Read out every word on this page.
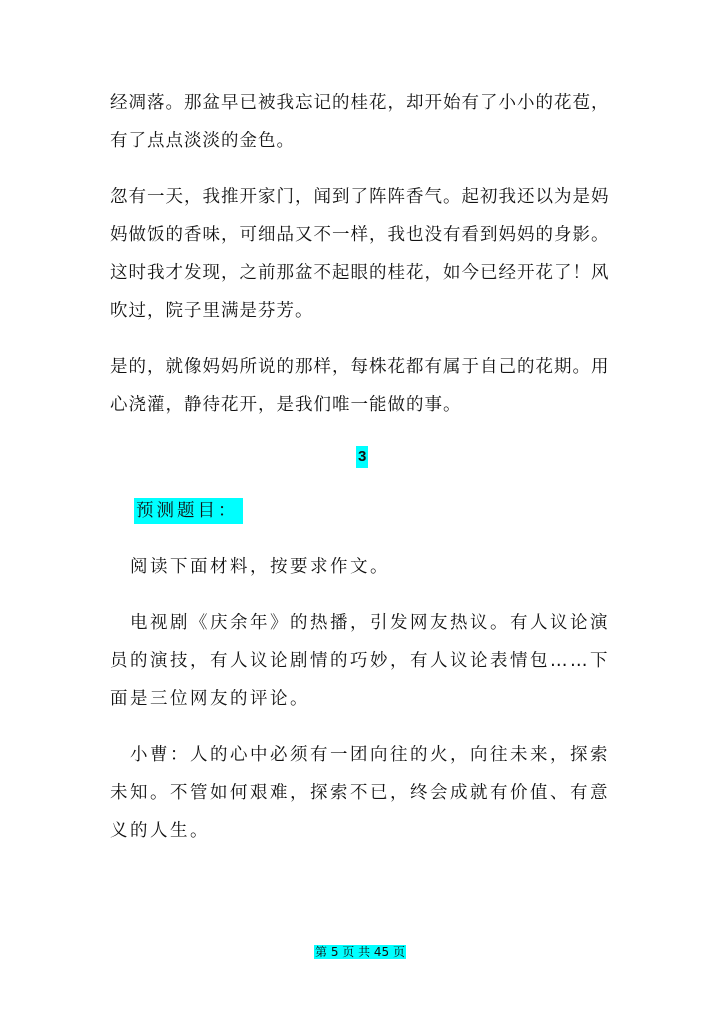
经凋落。那盆早已被我忘记的桂花，却开始有了小小的花苞，有了点点淡淡的金色。

忽有一天，我推开家门，闻到了阵阵香气。起初我还以为是妈妈做饭的香味，可细品又不一样，我也没有看到妈妈的身影。这时我才发现，之前那盆不起眼的桂花，如今已经开花了！风吹过，院子里满是芬芳。

是的，就像妈妈所说的那样，每株花都有属于自己的花期。用心浇灌，静待花开，是我们唯一能做的事。

3
预测题目：

　阅读下面材料，按要求作文。

　电视剧《庆余年》的热播，引发网友热议。有人议论演员的演技，有人议论剧情的巧妙，有人议论表情包……下面是三位网友的评论。

　小曹：人的心中必须有一团向往的火，向往未来，探索未知。不管如何艰难，探索不已，终会成就有价值、有意义的人生。

第 5 页 共 45 页
